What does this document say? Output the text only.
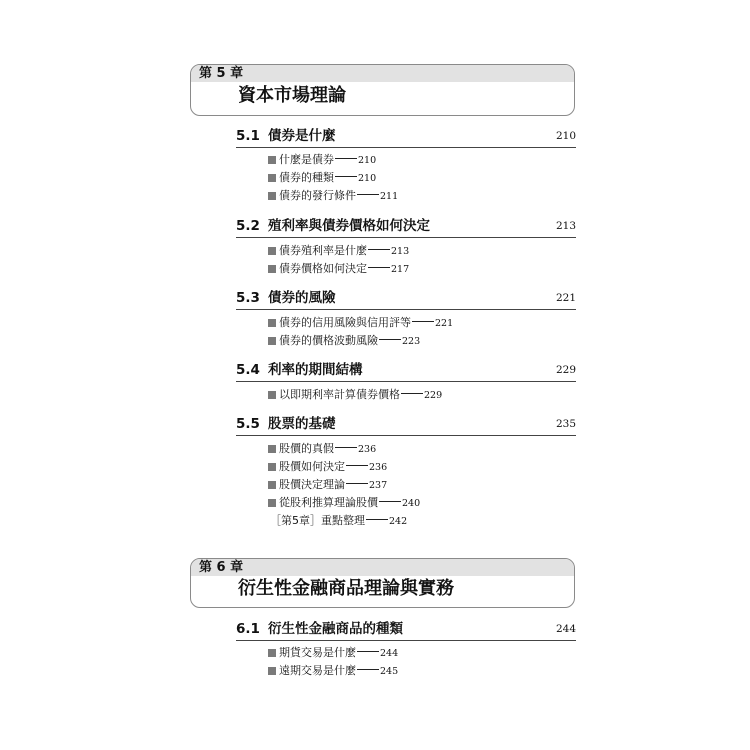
第 5 章
資本市場理論
5.1 債券是什麼	210
什麼是債券	210
債券的種類	210
債券的發行條件	211
5.2 殖利率與債券價格如何決定	213
債券殖利率是什麼	213
債券價格如何決定	217
5.3 債券的風險	221
債券的信用風險與信用評等	221
債券的價格波動風險	223
5.4 利率的期間結構	229
以即期利率計算債券價格	229
5.5 股票的基礎	235
股價的真假	236
股價如何決定	236
股價決定理論	237
從股利推算理論股價	240
［第5章］重點整理	242
第 6 章
衍生性金融商品理論與實務
6.1 衍生性金融商品的種類	244
期貨交易是什麼	244
遠期交易是什麼	245
